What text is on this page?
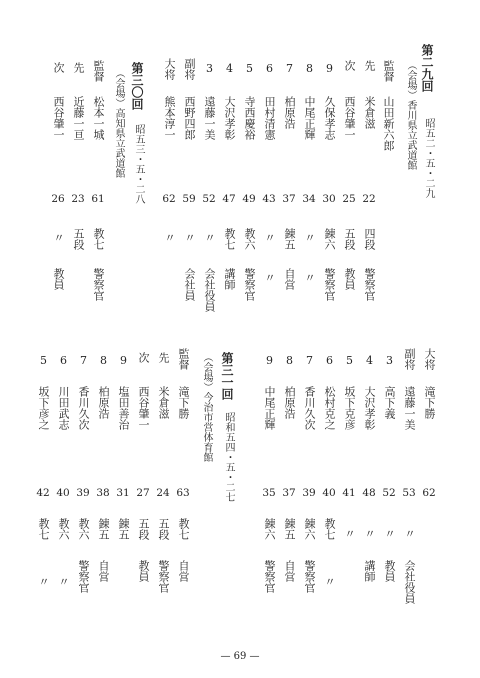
第二九回
昭五二・五・二九
（会場）香川県立武道館
監督
山田新六郎
先
米倉滋
22
四段
警察官
次
西谷肇一
25
五段
教員
9
久保孝志
30
錬六
警察官
8
中尾正輝
34
〃
〃
7
柏原浩
37
錬五
自営
6
田村清憲
43
〃
〃
5
寺西慶裕
49
教六
警察官
4
大沢孝彰
47
教七
講師
3
遠藤一美
52
〃
会社役員
副将
西野四郎
59
〃
会社員
大将
熊本淳一
62
〃
第三〇回
昭五三・五・二八
（会場）高知県立武道館
監督
松本一城
61
教七
警察官
先
近藤一亘
23
五段
次
西谷肇一
26
〃
教員
第三一回
昭和五四・五・二七
（会場）今治市営体育館
監督
滝下勝
63
教七
自営
先
米倉滋
24
五段
警察官
次
西谷肇一
27
五段
教員
9
塩田善治
31
錬五
8
柏原浩
38
錬五
自営
7
香川久次
39
教六
警察官
6
川田武志
40
教六
〃
5
坂下彦之
42
教七
〃
大将
滝下勝
62
副将
遠藤一美
53
〃
会社役員
3
高下義
52
〃
教員
4
大沢孝彰
48
〃
講師
5
坂下克彦
41
〃
6
松村克之
40
教七
〃
7
香川久次
39
錬六
警察官
8
柏原浩
37
錬五
自営
9
中尾正輝
35
錬六
警察官
— 69 —
